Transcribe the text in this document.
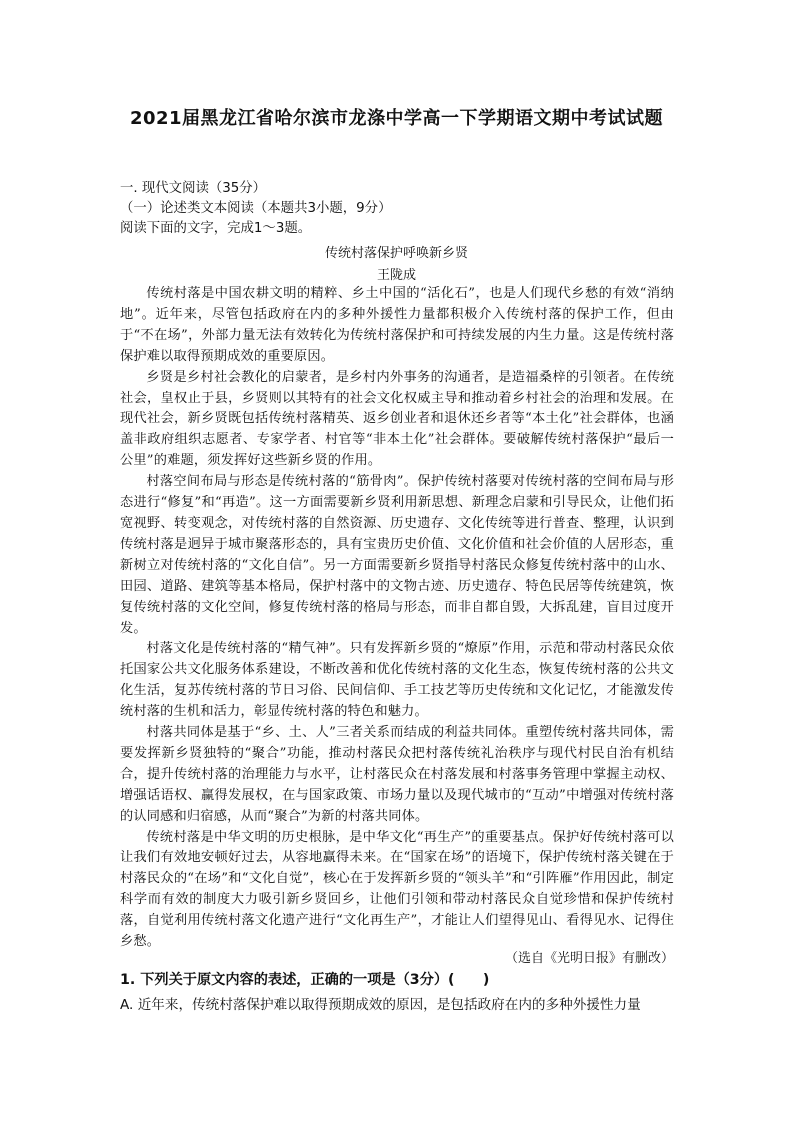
2021届黑龙江省哈尔滨市龙涤中学高一下学期语文期中考试试题
一. 现代文阅读（35分）
（一）论述类文本阅读（本题共3小题，9分）
阅读下面的文字，完成1～3题。
传统村落保护呼唤新乡贤
王陇成

传统村落是中国农耕文明的精粹、乡土中国的“活化石”，也是人们现代乡愁的有效“消纳地”。近年来，尽管包括政府在内的多种外援性力量都积极介入传统村落的保护工作，但由于“不在场”，外部力量无法有效转化为传统村落保护和可持续发展的内生力量。这是传统村落保护难以取得预期成效的重要原因。

乡贤是乡村社会教化的启蒙者，是乡村内外事务的沟通者，是造福桑梓的引领者。在传统社会，皇权止于县，乡贤则以其特有的社会文化权威主导和推动着乡村社会的治理和发展。在现代社会，新乡贤既包括传统村落精英、返乡创业者和退休还乡者等“本土化”社会群体，也涵盖非政府组织志愿者、专家学者、村官等“非本土化”社会群体。要破解传统村落保护“最后一公里”的难题，须发挥好这些新乡贤的作用。

村落空间布局与形态是传统村落的“筋骨肉”。保护传统村落要对传统村落的空间布局与形态进行“修复”和“再造”。这一方面需要新乡贤利用新思想、新理念启蒙和引导民众，让他们拓宽视野、转变观念，对传统村落的自然资源、历史遗存、文化传统等进行普查、整理，认识到传统村落是迥异于城市聚落形态的，具有宝贵历史价值、文化价值和社会价值的人居形态，重新树立对传统村落的“文化自信”。另一方面需要新乡贤指导村落民众修复传统村落中的山水、田园、道路、建筑等基本格局，保护村落中的文物古迹、历史遗存、特色民居等传统建筑，恢复传统村落的文化空间，修复传统村落的格局与形态，而非自都自毁，大拆乱建，盲目过度开发。

村落文化是传统村落的“精气神”。只有发挥新乡贤的“燎原”作用，示范和带动村落民众依托国家公共文化服务体系建设，不断改善和优化传统村落的文化生态，恢复传统村落的公共文化生活，复苏传统村落的节日习俗、民间信仰、手工技艺等历史传统和文化记忆，才能激发传统村落的生机和活力，彰显传统村落的特色和魅力。

村落共同体是基于“乡、土、人”三者关系而结成的利益共同体。重塑传统村落共同体，需要发挥新乡贤独特的“聚合”功能，推动村落民众把村落传统礼治秩序与现代村民自治有机结合，提升传统村落的治理能力与水平，让村落民众在村落发展和村落事务管理中掌握主动权、增强话语权、赢得发展权，在与国家政策、市场力量以及现代城市的“互动”中增强对传统村落的认同感和归宿感，从而“聚合”为新的村落共同体。

传统村落是中华文明的历史根脉，是中华文化“再生产”的重要基点。保护好传统村落可以让我们有效地安顿好过去，从容地赢得未来。在“国家在场”的语境下，保护传统村落关键在于村落民众的“在场”和“文化自觉”，核心在于发挥新乡贤的“领头羊”和“引阵雁”作用因此，制定科学而有效的制度大力吸引新乡贤回乡，让他们引领和带动村落民众自觉珍惜和保护传统村落，自觉利用传统村落文化遗产进行“文化再生产”，才能让人们望得见山、看得见水、记得住乡愁。

（选自《光明日报》有删改）
1. 下列关于原文内容的表述，正确的一项是（3分）(　　)
A. 近年来，传统村落保护难以取得预期成效的原因，是包括政府在内的多种外援性力量
